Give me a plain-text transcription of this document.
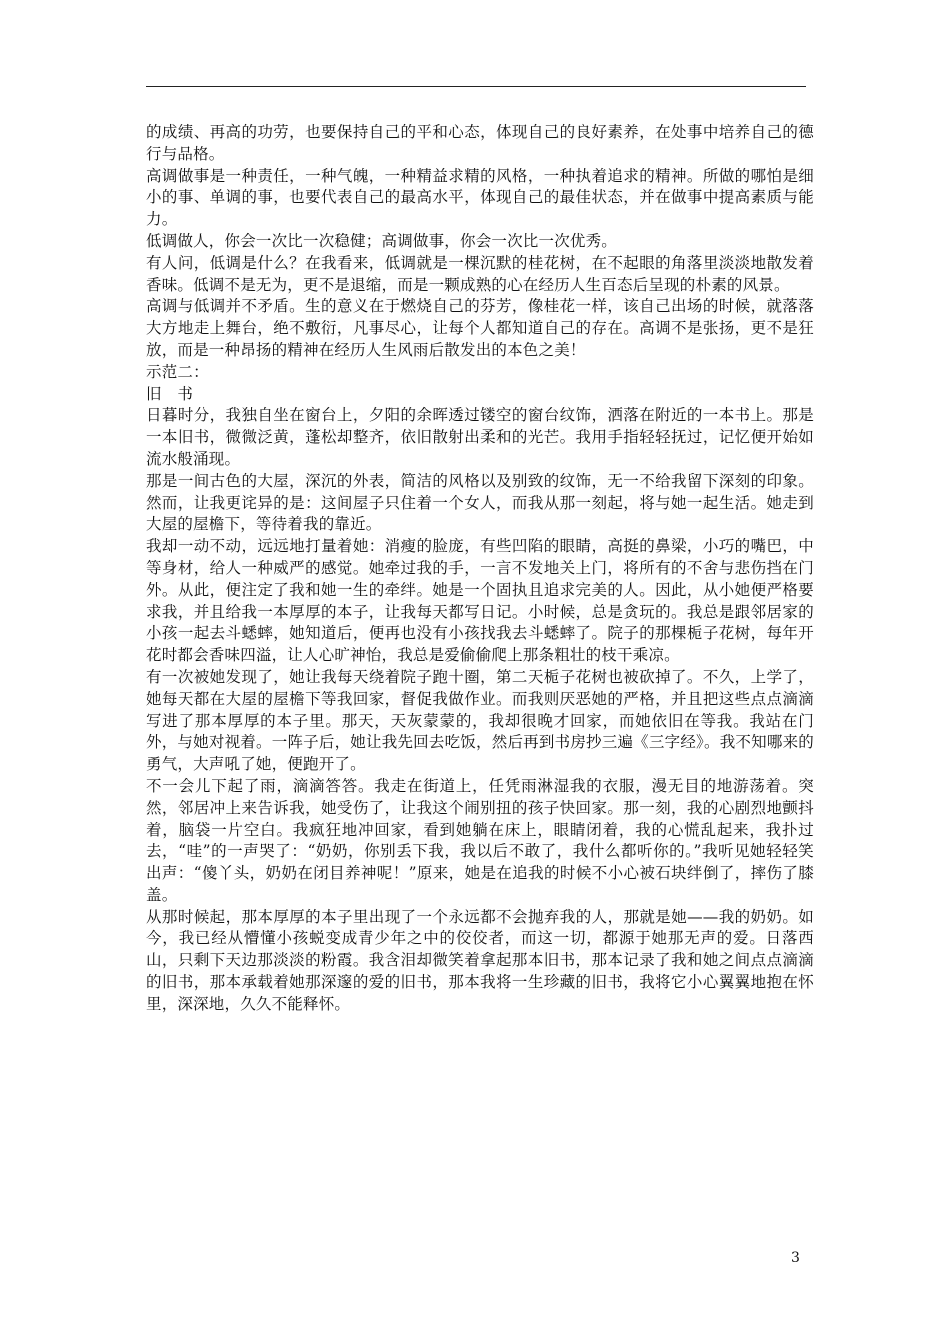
的成绩、再高的功劳，也要保持自己的平和心态，体现自己的良好素养，在处事中培养自己的德行与品格。

高调做事是一种责任，一种气魄，一种精益求精的风格，一种执着追求的精神。所做的哪怕是细小的事、单调的事，也要代表自己的最高水平，体现自己的最佳状态，并在做事中提高素质与能力。

低调做人，你会一次比一次稳健；高调做事，你会一次比一次优秀。

有人问，低调是什么？在我看来，低调就是一棵沉默的桂花树，在不起眼的角落里淡淡地散发着香味。低调不是无为，更不是退缩，而是一颗成熟的心在经历人生百态后呈现的朴素的风景。

高调与低调并不矛盾。生的意义在于燃烧自己的芬芳，像桂花一样，该自己出场的时候，就落落大方地走上舞台，绝不敷衍，凡事尽心，让每个人都知道自己的存在。高调不是张扬，更不是狂放，而是一种昂扬的精神在经历人生风雨后散发出的本色之美！

示范二：

旧　书

日暮时分，我独自坐在窗台上，夕阳的余晖透过镂空的窗台纹饰，洒落在附近的一本书上。那是一本旧书，微微泛黄，蓬松却整齐，依旧散射出柔和的光芒。我用手指轻轻抚过，记忆便开始如流水般涌现。

那是一间古色的大屋，深沉的外表，简洁的风格以及别致的纹饰，无一不给我留下深刻的印象。然而，让我更诧异的是：这间屋子只住着一个女人，而我从那一刻起，将与她一起生活。她走到大屋的屋檐下，等待着我的靠近。

我却一动不动，远远地打量着她：消瘦的脸庞，有些凹陷的眼睛，高挺的鼻梁，小巧的嘴巴，中等身材，给人一种威严的感觉。她牵过我的手，一言不发地关上门，将所有的不舍与悲伤挡在门外。从此，便注定了我和她一生的牵绊。她是一个固执且追求完美的人。因此，从小她便严格要求我，并且给我一本厚厚的本子，让我每天都写日记。小时候，总是贪玩的。我总是跟邻居家的小孩一起去斗蟋蟀，她知道后，便再也没有小孩找我去斗蟋蟀了。院子的那棵栀子花树，每年开花时都会香味四溢，让人心旷神怡，我总是爱偷偷爬上那条粗壮的枝干乘凉。

有一次被她发现了，她让我每天绕着院子跑十圈，第二天栀子花树也被砍掉了。不久，上学了，她每天都在大屋的屋檐下等我回家，督促我做作业。而我则厌恶她的严格，并且把这些点点滴滴写进了那本厚厚的本子里。那天，天灰蒙蒙的，我却很晚才回家，而她依旧在等我。我站在门外，与她对视着。一阵子后，她让我先回去吃饭，然后再到书房抄三遍《三字经》。我不知哪来的勇气，大声吼了她，便跑开了。

不一会儿下起了雨，滴滴答答。我走在街道上，任凭雨淋湿我的衣服，漫无目的地游荡着。突然，邻居冲上来告诉我，她受伤了，让我这个闹别扭的孩子快回家。那一刻，我的心剧烈地颤抖着，脑袋一片空白。我疯狂地冲回家，看到她躺在床上，眼睛闭着，我的心慌乱起来，我扑过去，“哇”的一声哭了：“奶奶，你别丢下我，我以后不敢了，我什么都听你的。”我听见她轻轻笑出声：“傻丫头，奶奶在闭目养神呢！”原来，她是在追我的时候不小心被石块绊倒了，摔伤了膝盖。

从那时候起，那本厚厚的本子里出现了一个永远都不会抛弃我的人，那就是她——我的奶奶。如今，我已经从懵懂小孩蜕变成青少年之中的佼佼者，而这一切，都源于她那无声的爱。日落西山，只剩下天边那淡淡的粉霞。我含泪却微笑着拿起那本旧书，那本记录了我和她之间点点滴滴的旧书，那本承载着她那深邃的爱的旧书，那本我将一生珍藏的旧书，我将它小心翼翼地抱在怀里，深深地，久久不能释怀。

3
